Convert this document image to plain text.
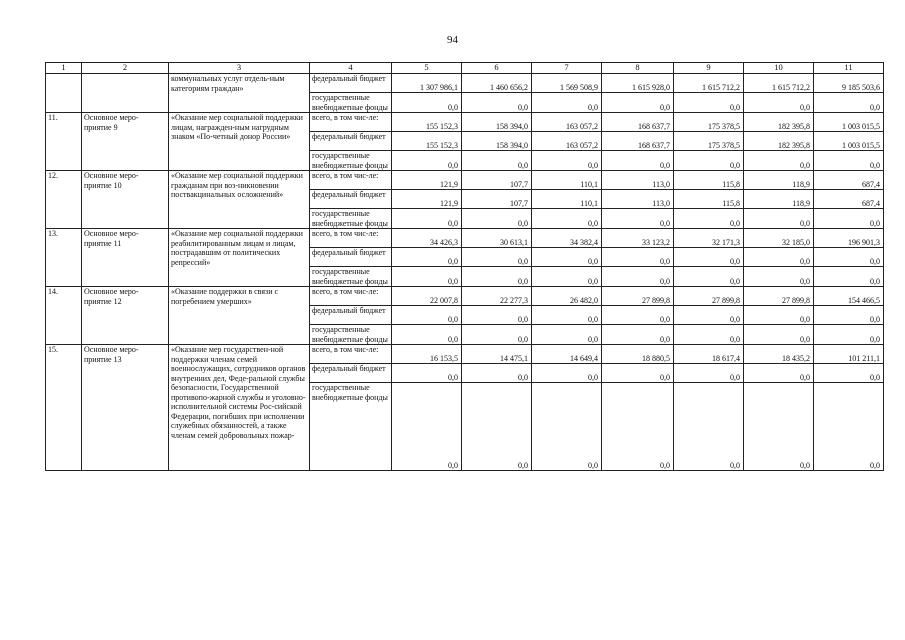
94
1	2	3	4	5	6	7	8	9	10	11
		коммунальных услуг отдель-ным категориям граждан»	федеральный бюджет	1 307 986,1	1 460 656,2	1 569 508,9	1 615 928,0	1 615 712,2	1 615 712,2	9 185 503,6
			государственные внебюджетные фонды	0,0	0,0	0,0	0,0	0,0	0,0	0,0
11.	Основное меро-приятие 9	«Оказание мер социальной поддержки лицам, награжден-ным нагрудным знаком «По-четный донор России»	всего, в том чис-ле:	155 152,3	158 394,0	163 057,2	168 637,7	175 378,5	182 395,8	1 003 015,5
			федеральный бюджет	155 152,3	158 394,0	163 057,2	168 637,7	175 378,5	182 395,8	1 003 015,5
			государственные внебюджетные фонды	0,0	0,0	0,0	0,0	0,0	0,0	0,0
12.	Основное меро-приятие 10	«Оказание мер социальной поддержки гражданам при воз-никновении поствакцинальных осложнений»	всего, в том чис-ле:	121,9	107,7	110,1	113,0	115,8	118,9	687,4
			федеральный бюджет	121,9	107,7	110,1	113,0	115,8	118,9	687,4
			государственные внебюджетные фонды	0,0	0,0	0,0	0,0	0,0	0,0	0,0
13.	Основное меро-приятие 11	«Оказание мер социальной поддержки реабилитированным лицам и лицам, пострадавшим от политических репрессий»	всего, в том чис-ле:	34 426,3	30 613,1	34 382,4	33 123,2	32 171,3	32 185,0	196 901,3
			федеральный бюджет	0,0	0,0	0,0	0,0	0,0	0,0	0,0
			государственные внебюджетные фонды	0,0	0,0	0,0	0,0	0,0	0,0	0,0
14.	Основное меро-приятие 12	«Оказание поддержки в связи с погребением умерших»	всего, в том чис-ле:	22 007,8	22 277,3	26 482,0	27 899,8	27 899,8	27 899,8	154 466,5
			федеральный бюджет	0,0	0,0	0,0	0,0	0,0	0,0	0,0
			государственные внебюджетные фонды	0,0	0,0	0,0	0,0	0,0	0,0	0,0
15.	Основное меро-приятие 13	«Оказание мер государствен-ной поддержки членам семей военнослужащих, сотрудников органов внутренних дел, Феде-ральной службы безопасности, Государственной противопо-жарной службы и уголовно-исполнительной системы Рос-сийской Федерации, погибших при исполнении служебных обязанностей, а также членам семей добровольных пожар-	всего, в том чис-ле:	16 153,5	14 475,1	14 649,4	18 880,5	18 617,4	18 435,2	101 211,1
			федеральный бюджет	0,0	0,0	0,0	0,0	0,0	0,0	0,0
			государственные внебюджетные фонды	0,0	0,0	0,0	0,0	0,0	0,0	0,0
